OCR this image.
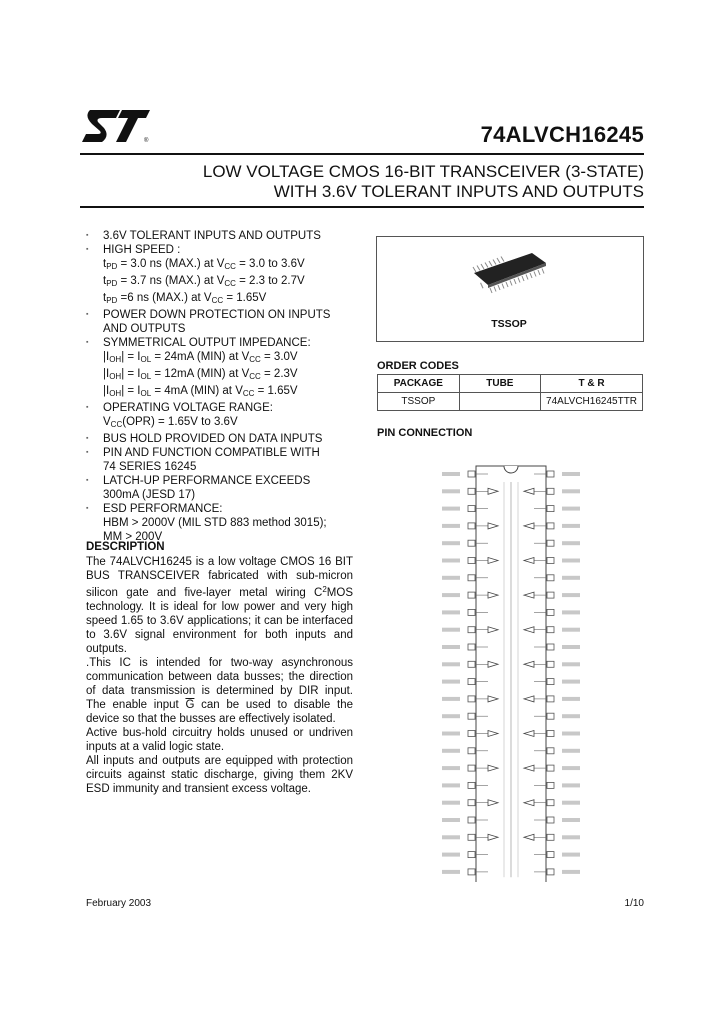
®	74ALVCH16245
LOW VOLTAGE CMOS 16-BIT TRANSCEIVER (3-STATE)
WITH 3.6V TOLERANT INPUTS AND OUTPUTS
▪ 3.6V TOLERANT INPUTS AND OUTPUTS
▪ HIGH SPEED :
$t_{PD} = 3.0$ ns (MAX.) at $V_{CC} = 3.0$ to 3.6V
$t_{PD} = 3.7$ ns (MAX.) at $V_{CC} = 2.3$ to 2.7V
$t_{PD} =6$ ns (MAX.) at $V_{CC} = 1.65V$
▪ POWER DOWN PROTECTION ON INPUTS
AND OUTPUTS
▪ SYMMETRICAL OUTPUT IMPEDANCE:
$|I_{OH}| = I_{OL} = 24mA$ (MIN) at $V_{CC} = 3.0V$
$|I_{OH}| = I_{OL} = 12mA$ (MIN) at $V_{CC} = 2.3V$
$|I_{OH}| = I_{OL} = 4mA$ (MIN) at $V_{CC} = 1.65V$
▪ OPERATING VOLTAGE RANGE:
$V_{CC}(OPR) = 1.65V$ to 3.6V
▪ BUS HOLD PROVIDED ON DATA INPUTS
▪ PIN AND FUNCTION COMPATIBLE WITH
74 SERIES 16245
▪ LATCH-UP PERFORMANCE EXCEEDS
300mA (JESD 17)
▪ ESD PERFORMANCE:
HBM > 2000V (MIL STD 883 method 3015);
MM > 200V
DESCRIPTION

The 74ALVCH16245 is a low voltage CMOS 16 BIT BUS TRANSCEIVER fabricated with sub-micron silicon gate and five-layer metal wiring $C^2MOS$ technology. It is ideal for low power and very high speed 1.65 to 3.6V applications; it can be interfaced to 3.6V signal environment for both inputs and outputs.

.This IC is intended for two-way asynchronous communication between data busses; the direction of data transmission is determined by DIR input. The enable input $\overline{G}$ can be used to disable the device so that the busses are effectively isolated.

Active bus-hold circuitry holds unused or undriven inputs at a valid logic state.

All inputs and outputs are equipped with protection circuits against static discharge, giving them 2KV ESD immunity and transient excess voltage.

TSSOP
ORDER CODES
PACKAGE	TUBE	T & R
TSSOP		74ALVCH16245TTR
PIN CONNECTION
February 2003	1/10
